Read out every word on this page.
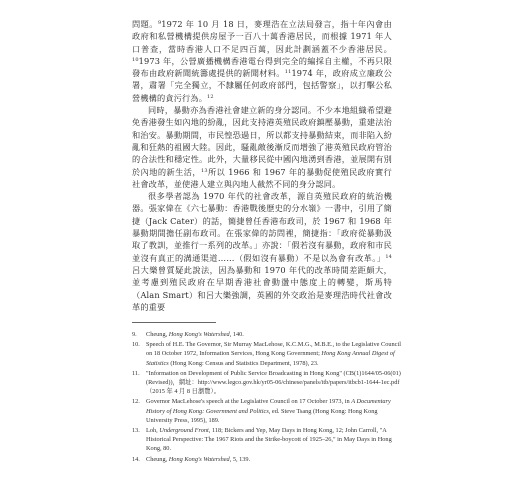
問題。$^9$1972 年 10 月 18 日，麥理浩在立法局發言，指十年內會由政府和私營機構提供房屋予一百八十萬香港居民，而根據 1971 年人口普查，當時香港人口不足四百萬，因此計劃涵蓋不少香港居民。$^{10}$1973 年，公營廣播機構香港電台得到完全的編採自主權，不再只限發布由政府新聞統籌處提供的新聞材料。$^{11}$1974 年，政府成立廉政公署，肅署「完全獨立，不隸屬任何政府部門，包括警察」，以打擊公私營機構的貪污行為。$^{12}$

同時，暴動亦為香港社會建立新的身分認同。不少本地組織希望避免香港發生如內地的紛亂，因此支持港英殖民政府鎮壓暴動，重建法治和治安。暴動期間，市民惶恐過日，所以都支持暴動結束，而非陷入紛亂和狂熱的祖國大陸。因此，騷亂敵後漸反而增強了港英殖民政府管治的合法性和穩定性。此外，大量移民從中國內地湧到香港，並展開有別於內地的新生活，$^{13}$所以 1966 和 1967 年的暴動促使殖民政府實行社會改革，並使港人建立與內地人截然不同的身分認同。

很多學者認為 1970 年代的社會改革，源自英殖民政府的統治機器。張家偉在《六七暴動：香港戰後歷史的分水嶺》一書中，引用了簡捷（Jack Cater）的話，簡捷曾任香港布政司，於 1967 和 1968 年暴動期間擔任副布政司。在張家偉的訪問裡，簡捷指：「政府從暴動汲取了教訓，並推行一系列的改革。」亦說：「假若沒有暴動，政府和市民並沒有真正的溝通渠道……（假如沒有暴動）不是以為會有改革。」$^{14}$呂大樂曾質疑此說法，因為暴動和 1970 年代的改革時間差距頗大，並考慮到殖民政府在早期香港社會動盪中態度上的轉變，斯馬特（Alan Smart）和呂大樂強調，英國的外交政治是麥理浩時代社會改革的重要

9.	Cheung, Hong Kong's Watershed, 140.
10. Speech of H.E. The Governor, Sir Murray MacLehose, K.C.M.G., M.B.E., to the Legislative Council on 18 October 1972, Information Services, Hong Kong Government; Hong Kong Annual Digest of Statistics (Hong Kong: Census and Statistics Department, 1978), 23.
11.	"Information on Development of Public Service Broadcasting in Hong Kong" (CB(1)1644/05-06(01) (Revised))，網址：http://www.legco.gov.hk/yr05-06/chinese/panels/itb/papers/itbcb1-1644-1ec.pdf（2015 年 4 月 8 日瀏覽）。
12. Governor MacLehose's speech at the Legislative Council on 17 October 1973, in A Documentary History of Hong Kong: Government and Politics, ed. Steve Tsang (Hong Kong: Hong Kong University Press, 1995), 189.
13. Loh, Underground Front, 118; Bickers and Yep, May Days in Hong Kong, 12; John Carroll, "A Historical Perspective: The 1967 Riots and the Strike-boycott of 1925–26," in May Days in Hong Kong, 80.
14. Cheung, Hong Kong's Watershed, 5, 139.
